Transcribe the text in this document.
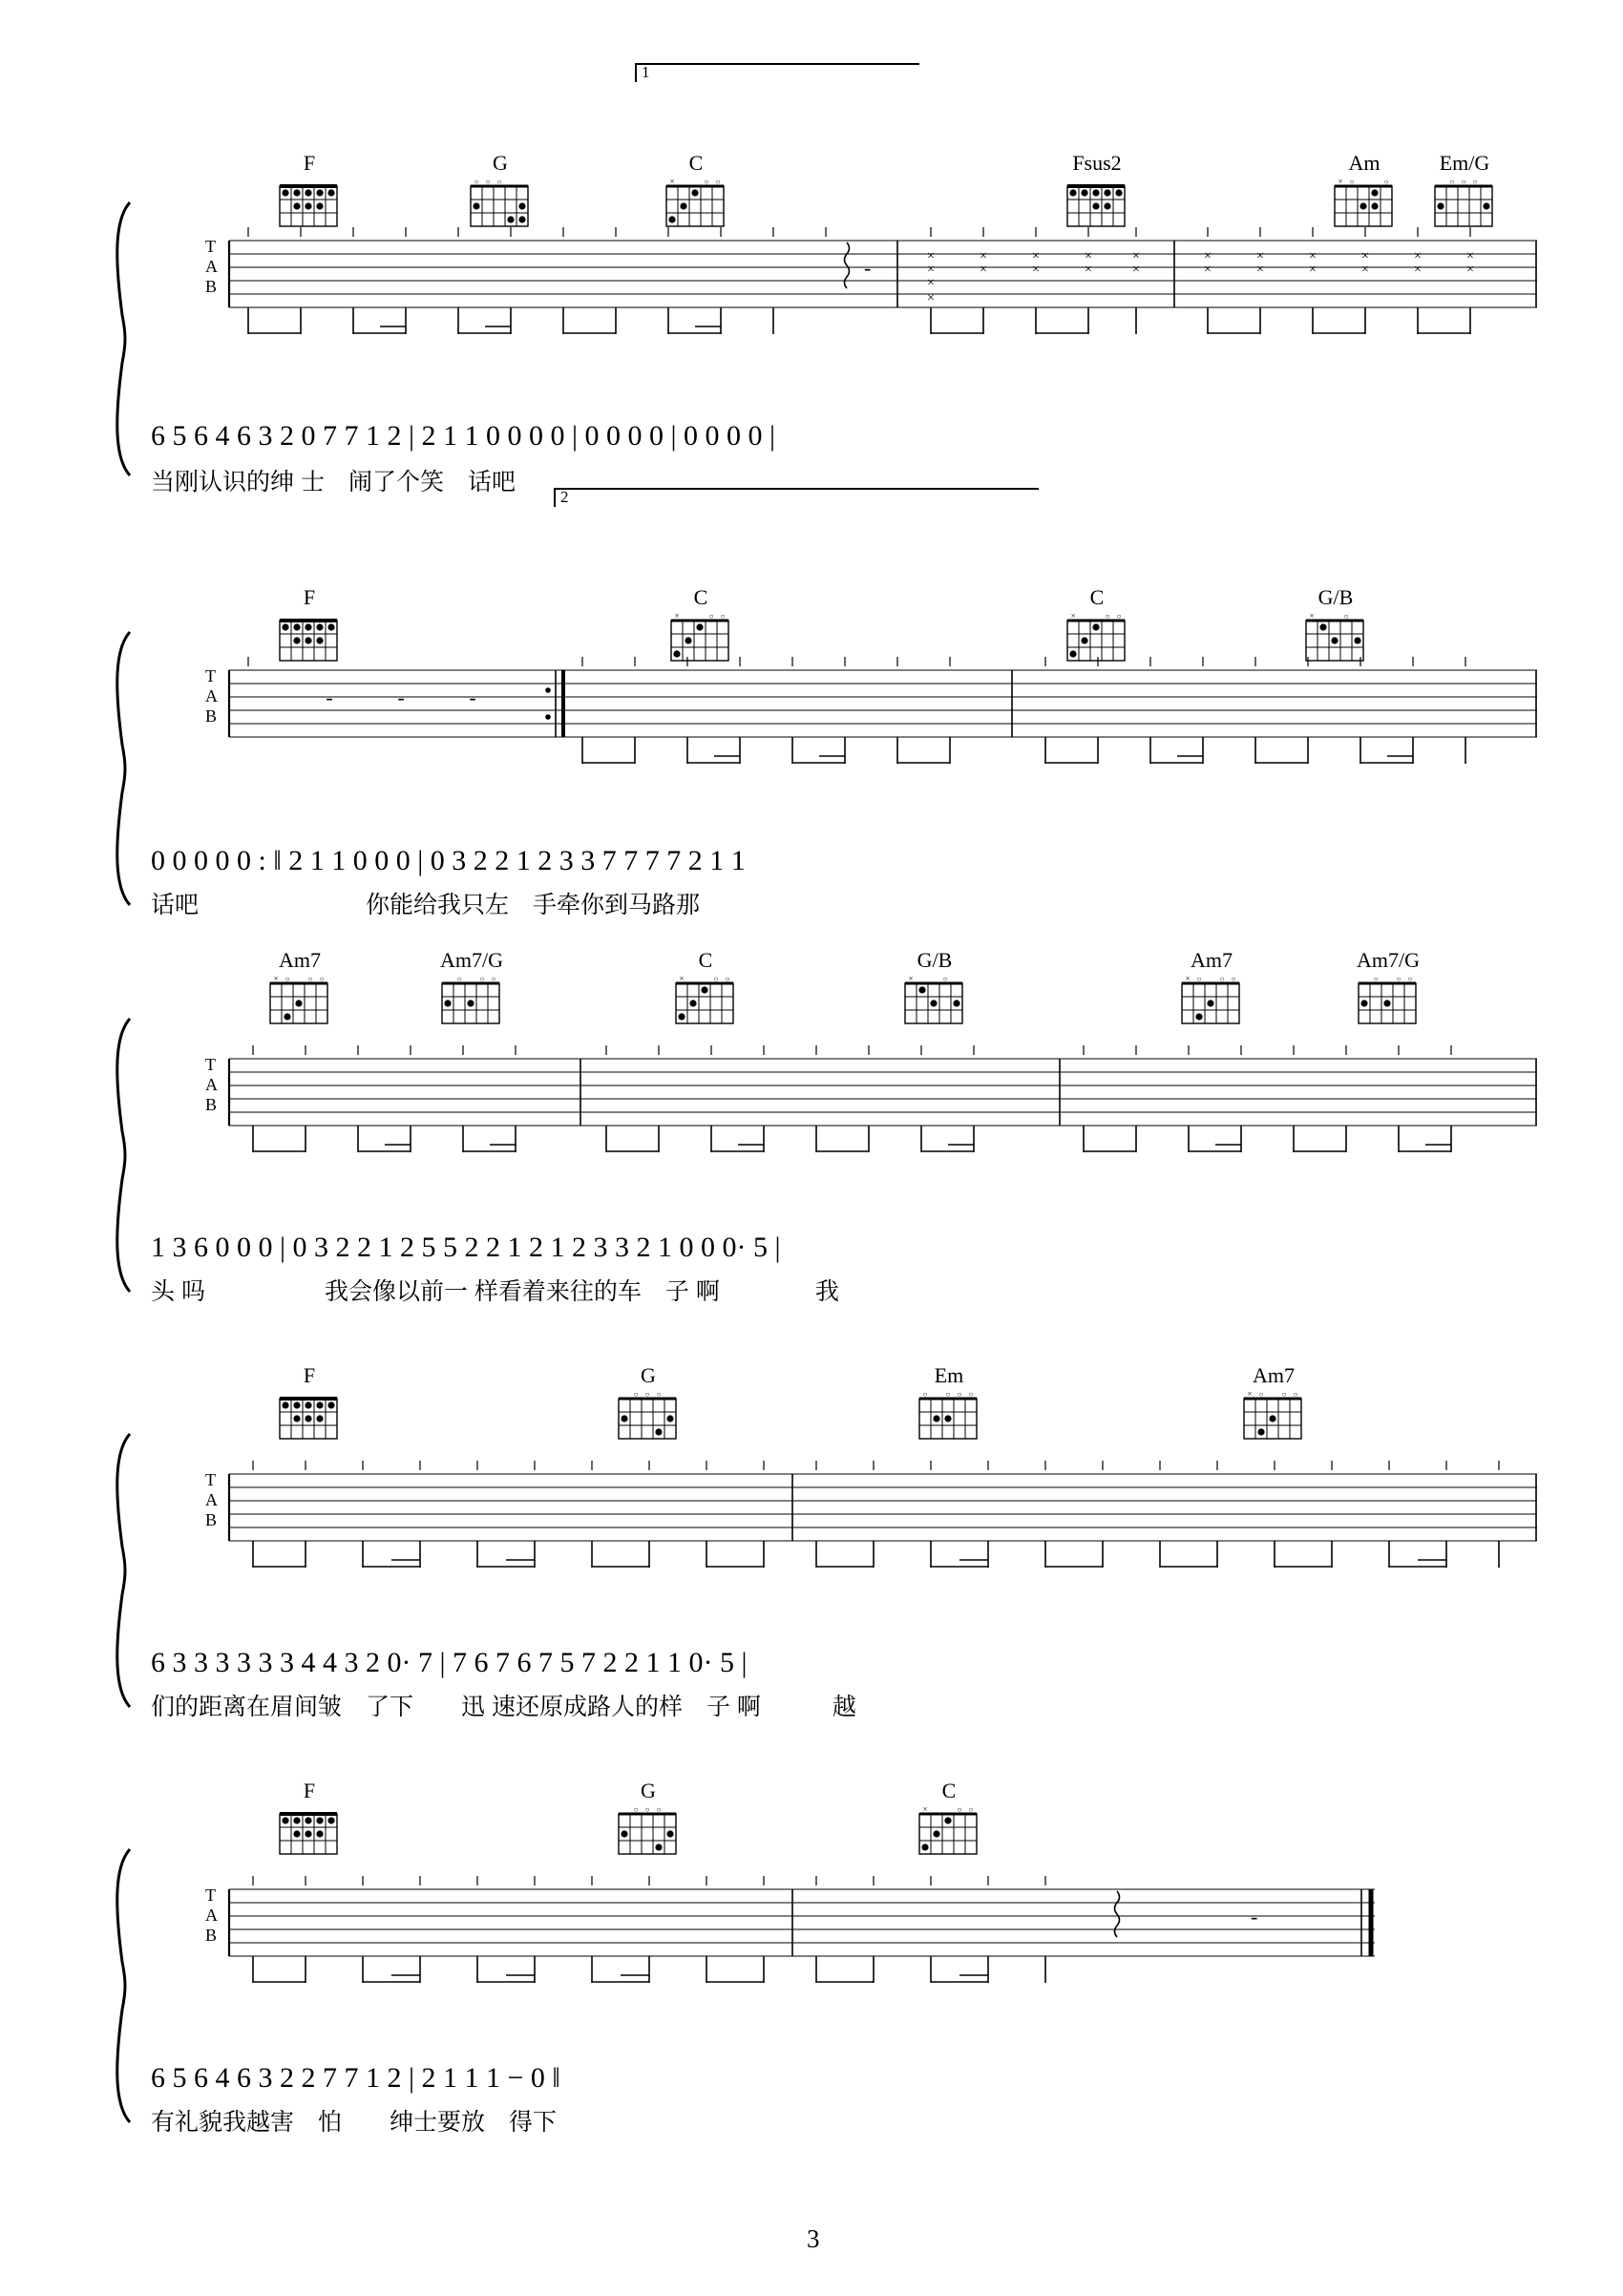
1
F	G
○ ○ ○
C
×	○ ○
Fsus2	Am
× ○	○
Em/G
○ ○ ○
T
A
B
×
×
×
×
×
×
×
×
×
×
×
×
×
×
×
×
×
×
×
×
×
×
×
×
-
6 5 6 4 6 3 2 0 7 7 1 2 | 2 1 1 0 0 0 0 | 0 0 0 0 | 0 0 0 0 |
当刚认识的绅 士　闹了个笑　话吧
2
F	C
×	○ ○
C
×	○ ○
G/B
×	○
T
A
B
-	-	-
0 0 0 0 0 : ‖ 2 1 1 0 0 0 | 0 3 2 2 1 2 3 3 7 7 7 7 2 1 1
话吧　　　　　　　你能给我只左　手牵你到马路那
Am7
× ○ ○ ○
Am7/G
○ ○ ○
C
×	○ ○
G/B
×	○
Am7
× ○ ○ ○
Am7/G
○ ○ ○
T
A
B
1 3 6 0 0 0 | 0 3 2 2 1 2 5 5 2 2 1 2 1 2 3 3 2 1 0 0 0· 5 |
头 吗　　　　　我会像以前一 样看着来往的车　子 啊　　　　我
F	G
○ ○ ○
Em
○ ○ ○ ○
Am7
× ○ ○ ○
T
A
B
6 3 3 3 3 3 3 4 4 3 2 0· 7 | 7 6 7 6 7 5 7 2 2 1 1 0· 5 |
们的距离在眉间皱　了下　　迅 速还原成路人的样　子 啊　　　越
F	G
○ ○ ○
C
×	○ ○
T
A
B
-
6 5 6 4 6 3 2 2 7 7 1 2 | 2 1 1 1 − 0 ‖
有礼貌我越害　怕　　绅士要放　得下
3
